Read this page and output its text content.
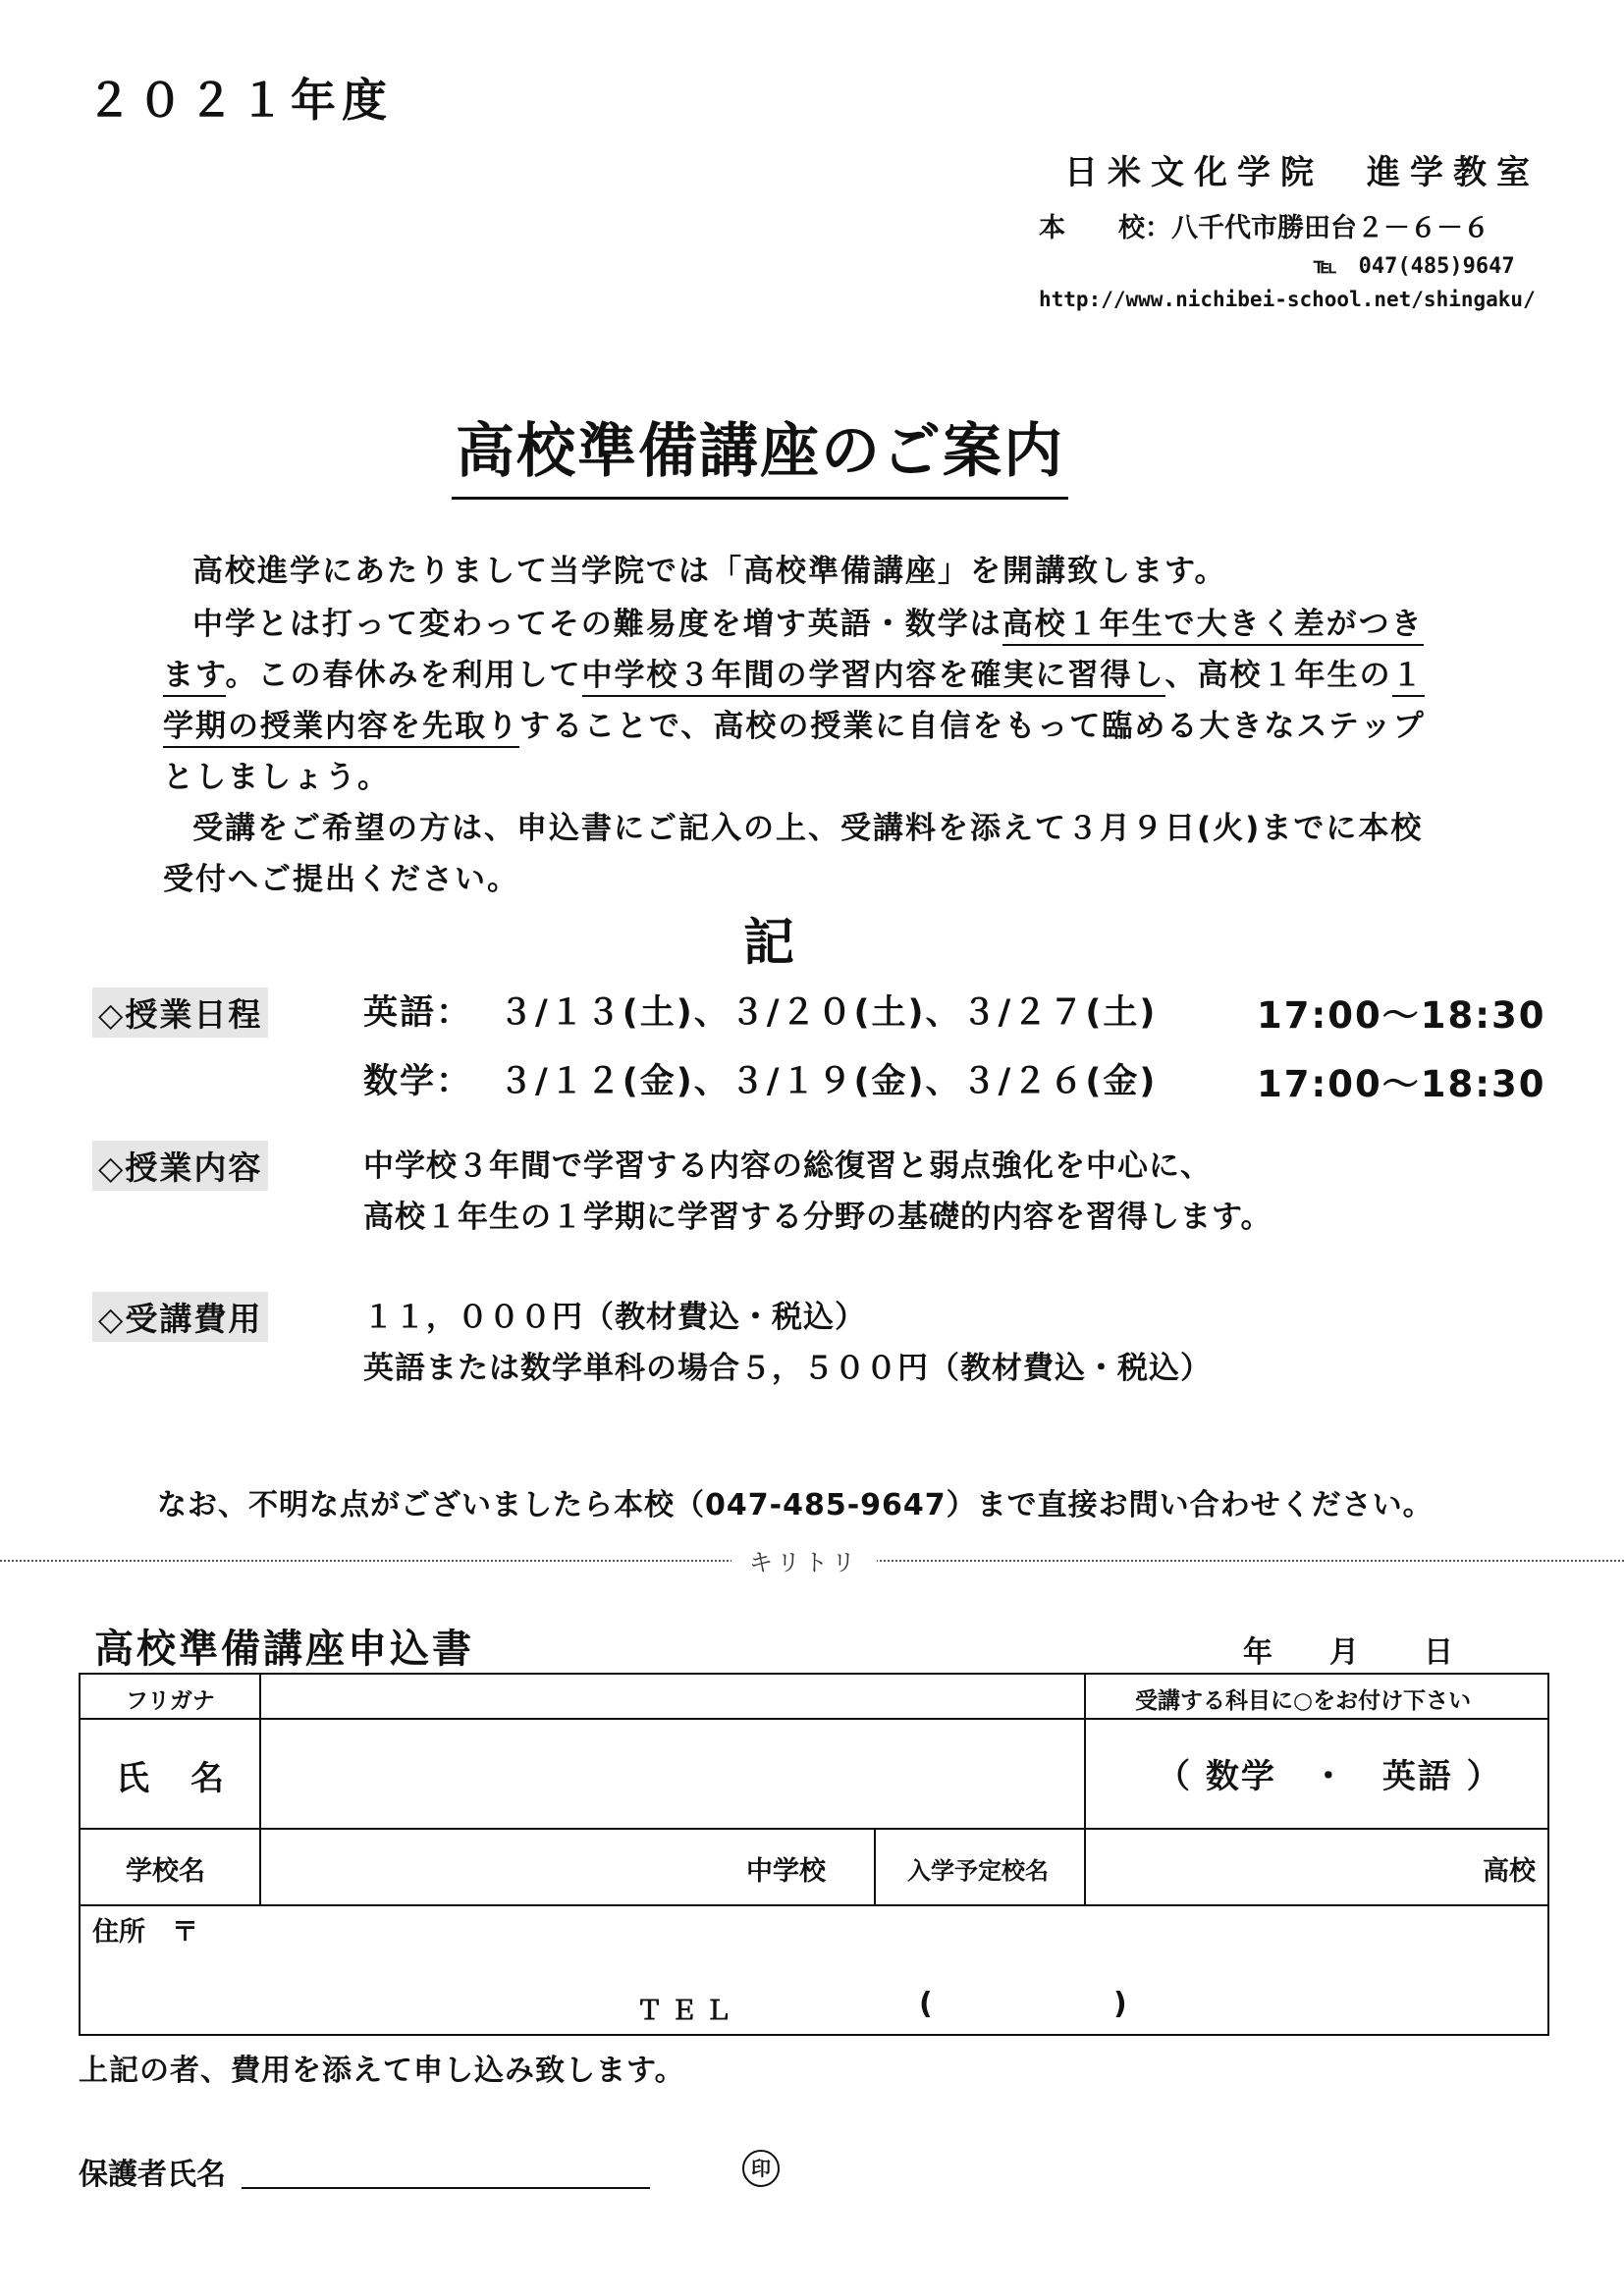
２０２１年度
日米文化学院　進学教室
本　　校：八千代市勝田台２－６－６
℡　047(485)9647
http://www.nichibei-school.net/shingaku/
高校準備講座のご案内
高校進学にあたりまして当学院では「高校準備講座」を開講致します。
中学とは打って変わってその難易度を増す英語・数学は高校１年生で大きく差がつき
ます。この春休みを利用して中学校３年間の学習内容を確実に習得し、高校１年生の１
学期の授業内容を先取りすることで、高校の授業に自信をもって臨める大きなステップ
としましょう。
受講をご希望の方は、申込書にご記入の上、受講料を添えて３月９日(火)までに本校
受付へご提出ください。
記
◇授業日程	英語： ３/１３(土)、３/２０(土)、３/２７(土)	17:00～18:30
数学： ３/１２(金)、３/１９(金)、３/２６(金)	17:00～18:30
◇授業内容	中学校３年間で学習する内容の総復習と弱点強化を中心に、
高校１年生の１学期に学習する分野の基礎的内容を習得します。
◇受講費用	１１，０００円（教材費込・税込）
英語または数学単科の場合５，５００円（教材費込・税込）
なお、不明な点がございましたら本校（047-485-9647）まで直接お問い合わせください。
キリトリ
高校準備講座申込書	年 月 日
フリガナ	受講する科目に○をお付け下さい
氏　名	（ 数学　・　英語 ）
学校名	中学校	入学予定校名	高校
住所　〒
ＴＥＬ	(	)
上記の者、費用を添えて申し込み致します。
保護者氏名	印
